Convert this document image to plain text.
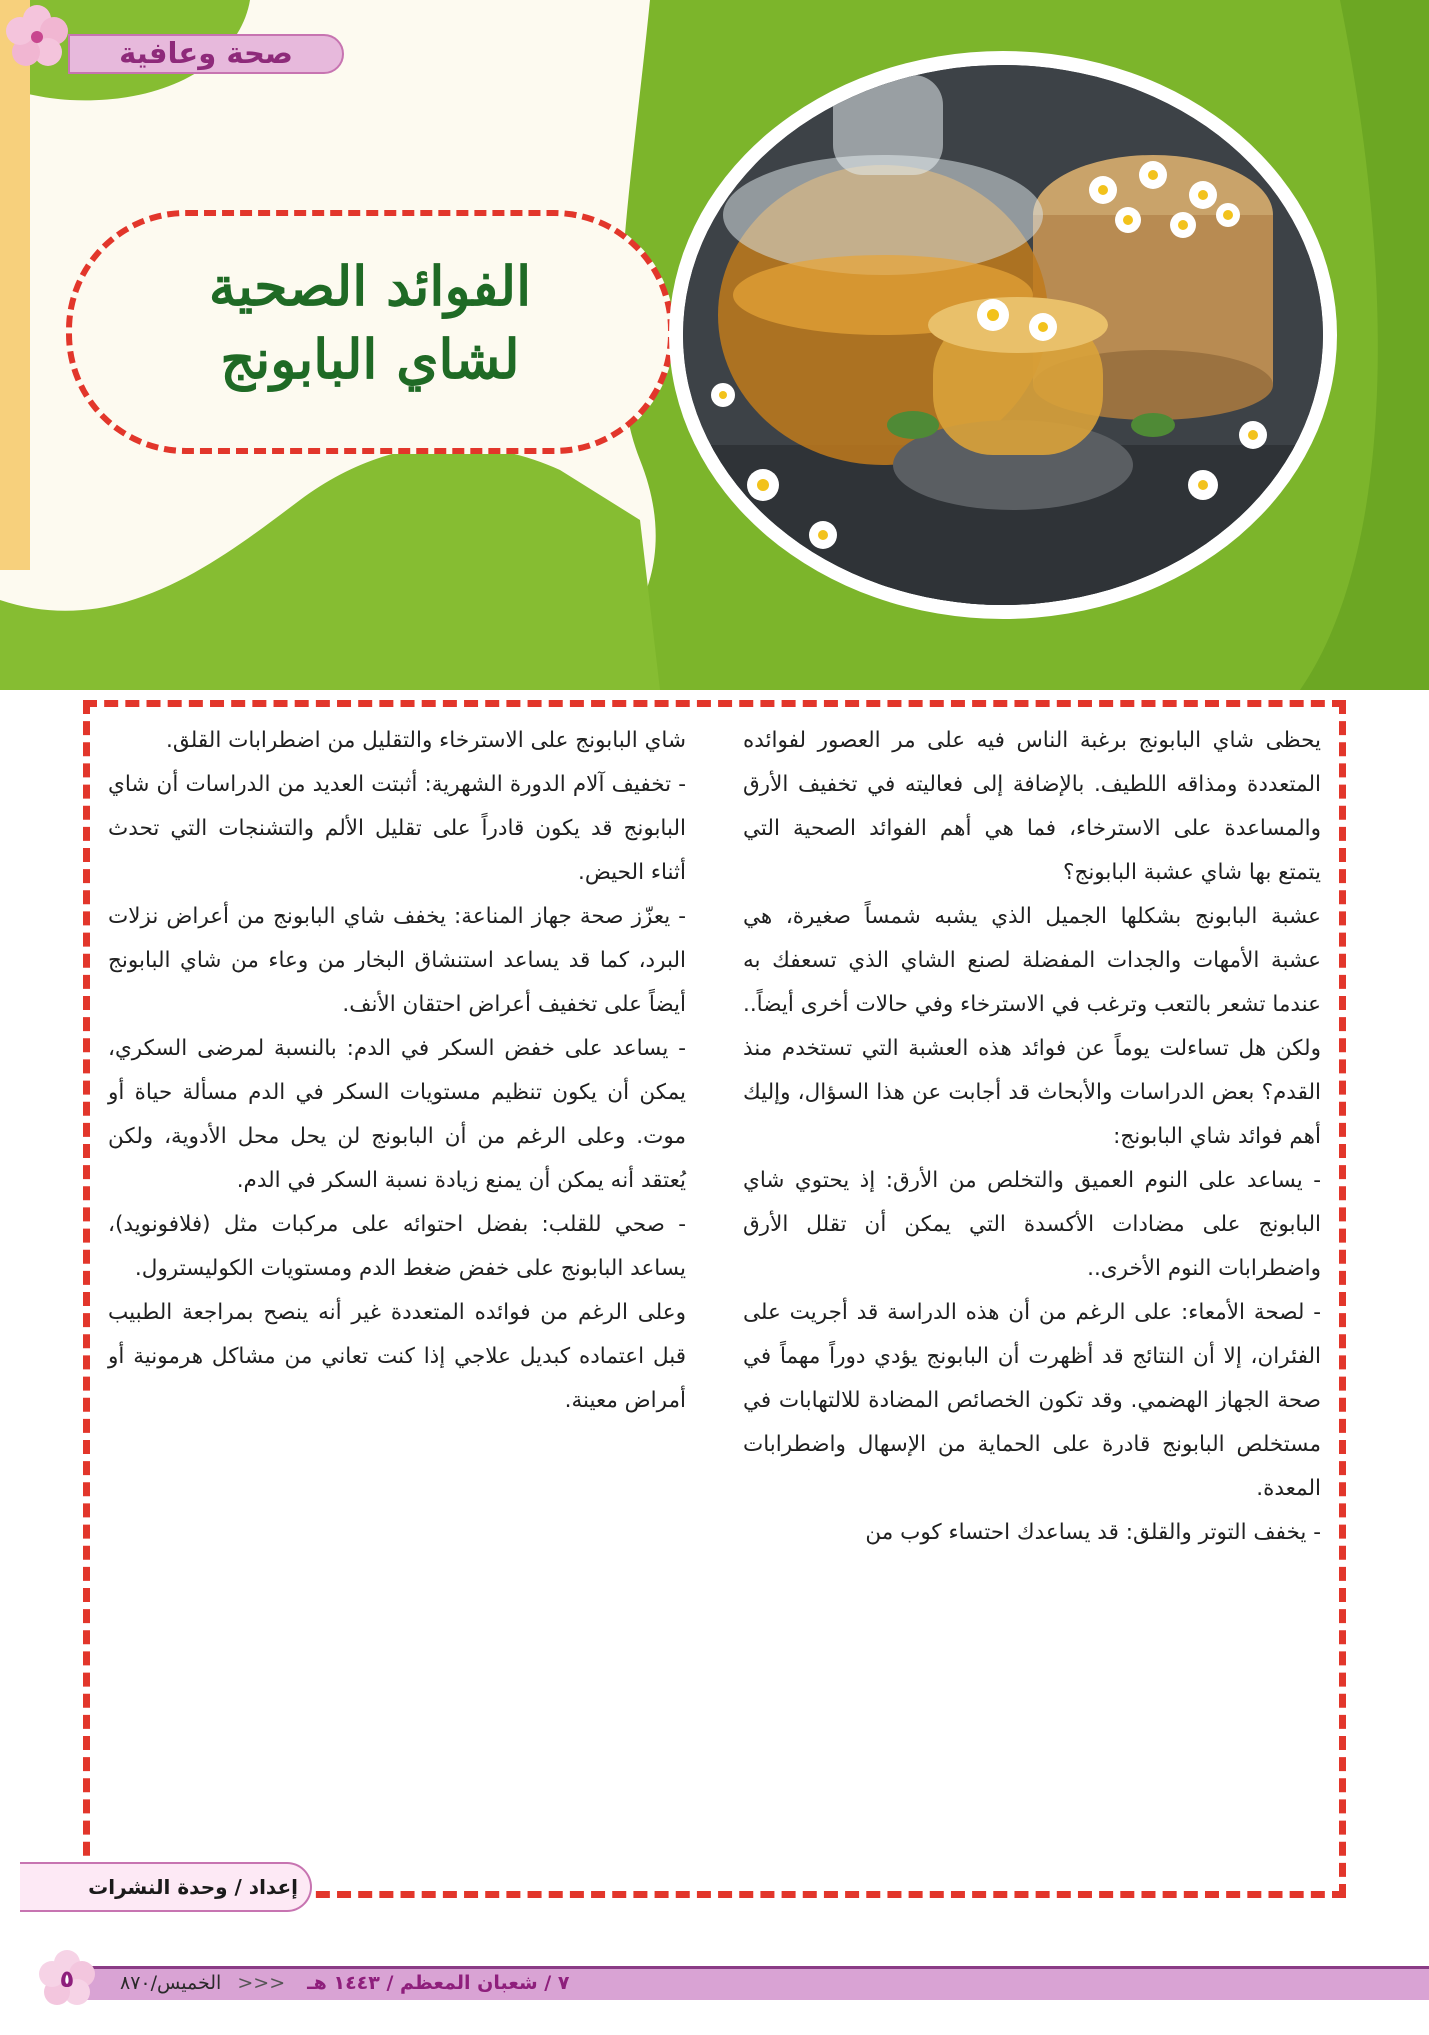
صحة وعافية
الفوائد الصحية
لشاي البابونج

يحظى شاي البابونج برغبة الناس فيه على مر العصور لفوائده المتعددة ومذاقه اللطيف. بالإضافة إلى فعاليته في تخفيف الأرق والمساعدة على الاسترخاء، فما هي أهم الفوائد الصحية التي يتمتع بها شاي عشبة البابونج؟

عشبة البابونج بشكلها الجميل الذي يشبه شمساً صغيرة، هي عشبة الأمهات والجدات المفضلة لصنع الشاي الذي تسعفك به عندما تشعر بالتعب وترغب في الاسترخاء وفي حالات أخرى أيضاً.. ولكن هل تساءلت يوماً عن فوائد هذه العشبة التي تستخدم منذ القدم؟ بعض الدراسات والأبحاث قد أجابت عن هذا السؤال، وإليك أهم فوائد شاي البابونج:

- يساعد على النوم العميق والتخلص من الأرق: إذ يحتوي شاي البابونج على مضادات الأكسدة التي يمكن أن تقلل الأرق واضطرابات النوم الأخرى..

- لصحة الأمعاء: على الرغم من أن هذه الدراسة قد أجريت على الفئران، إلا أن النتائج قد أظهرت أن البابونج يؤدي دوراً مهماً في صحة الجهاز الهضمي. وقد تكون الخصائص المضادة للالتهابات في مستخلص البابونج قادرة على الحماية من الإسهال واضطرابات المعدة.

- يخفف التوتر والقلق: قد يساعدك احتساء كوب من

شاي البابونج على الاسترخاء والتقليل من اضطرابات القلق.

- تخفيف آلام الدورة الشهرية: أثبتت العديد من الدراسات أن شاي البابونج قد يكون قادراً على تقليل الألم والتشنجات التي تحدث أثناء الحيض.

- يعزّز صحة جهاز المناعة: يخفف شاي البابونج من أعراض نزلات البرد، كما قد يساعد استنشاق البخار من وعاء من شاي البابونج أيضاً على تخفيف أعراض احتقان الأنف.

- يساعد على خفض السكر في الدم: بالنسبة لمرضى السكري، يمكن أن يكون تنظيم مستويات السكر في الدم مسألة حياة أو موت. وعلى الرغم من أن البابونج لن يحل محل الأدوية، ولكن يُعتقد أنه يمكن أن يمنع زيادة نسبة السكر في الدم.

- صحي للقلب: بفضل احتوائه على مركبات مثل (فلافونويد)، يساعد البابونج على خفض ضغط الدم ومستويات الكوليسترول.

وعلى الرغم من فوائده المتعددة غير أنه ينصح بمراجعة الطبيب قبل اعتماده كبديل علاجي إذا كنت تعاني من مشاكل هرمونية أو أمراض معينة.

إعداد / وحدة النشرات
٧ / شعبان المعظم / ١٤٤٣ هـ <<< الخميس/٨٧٠
٥
